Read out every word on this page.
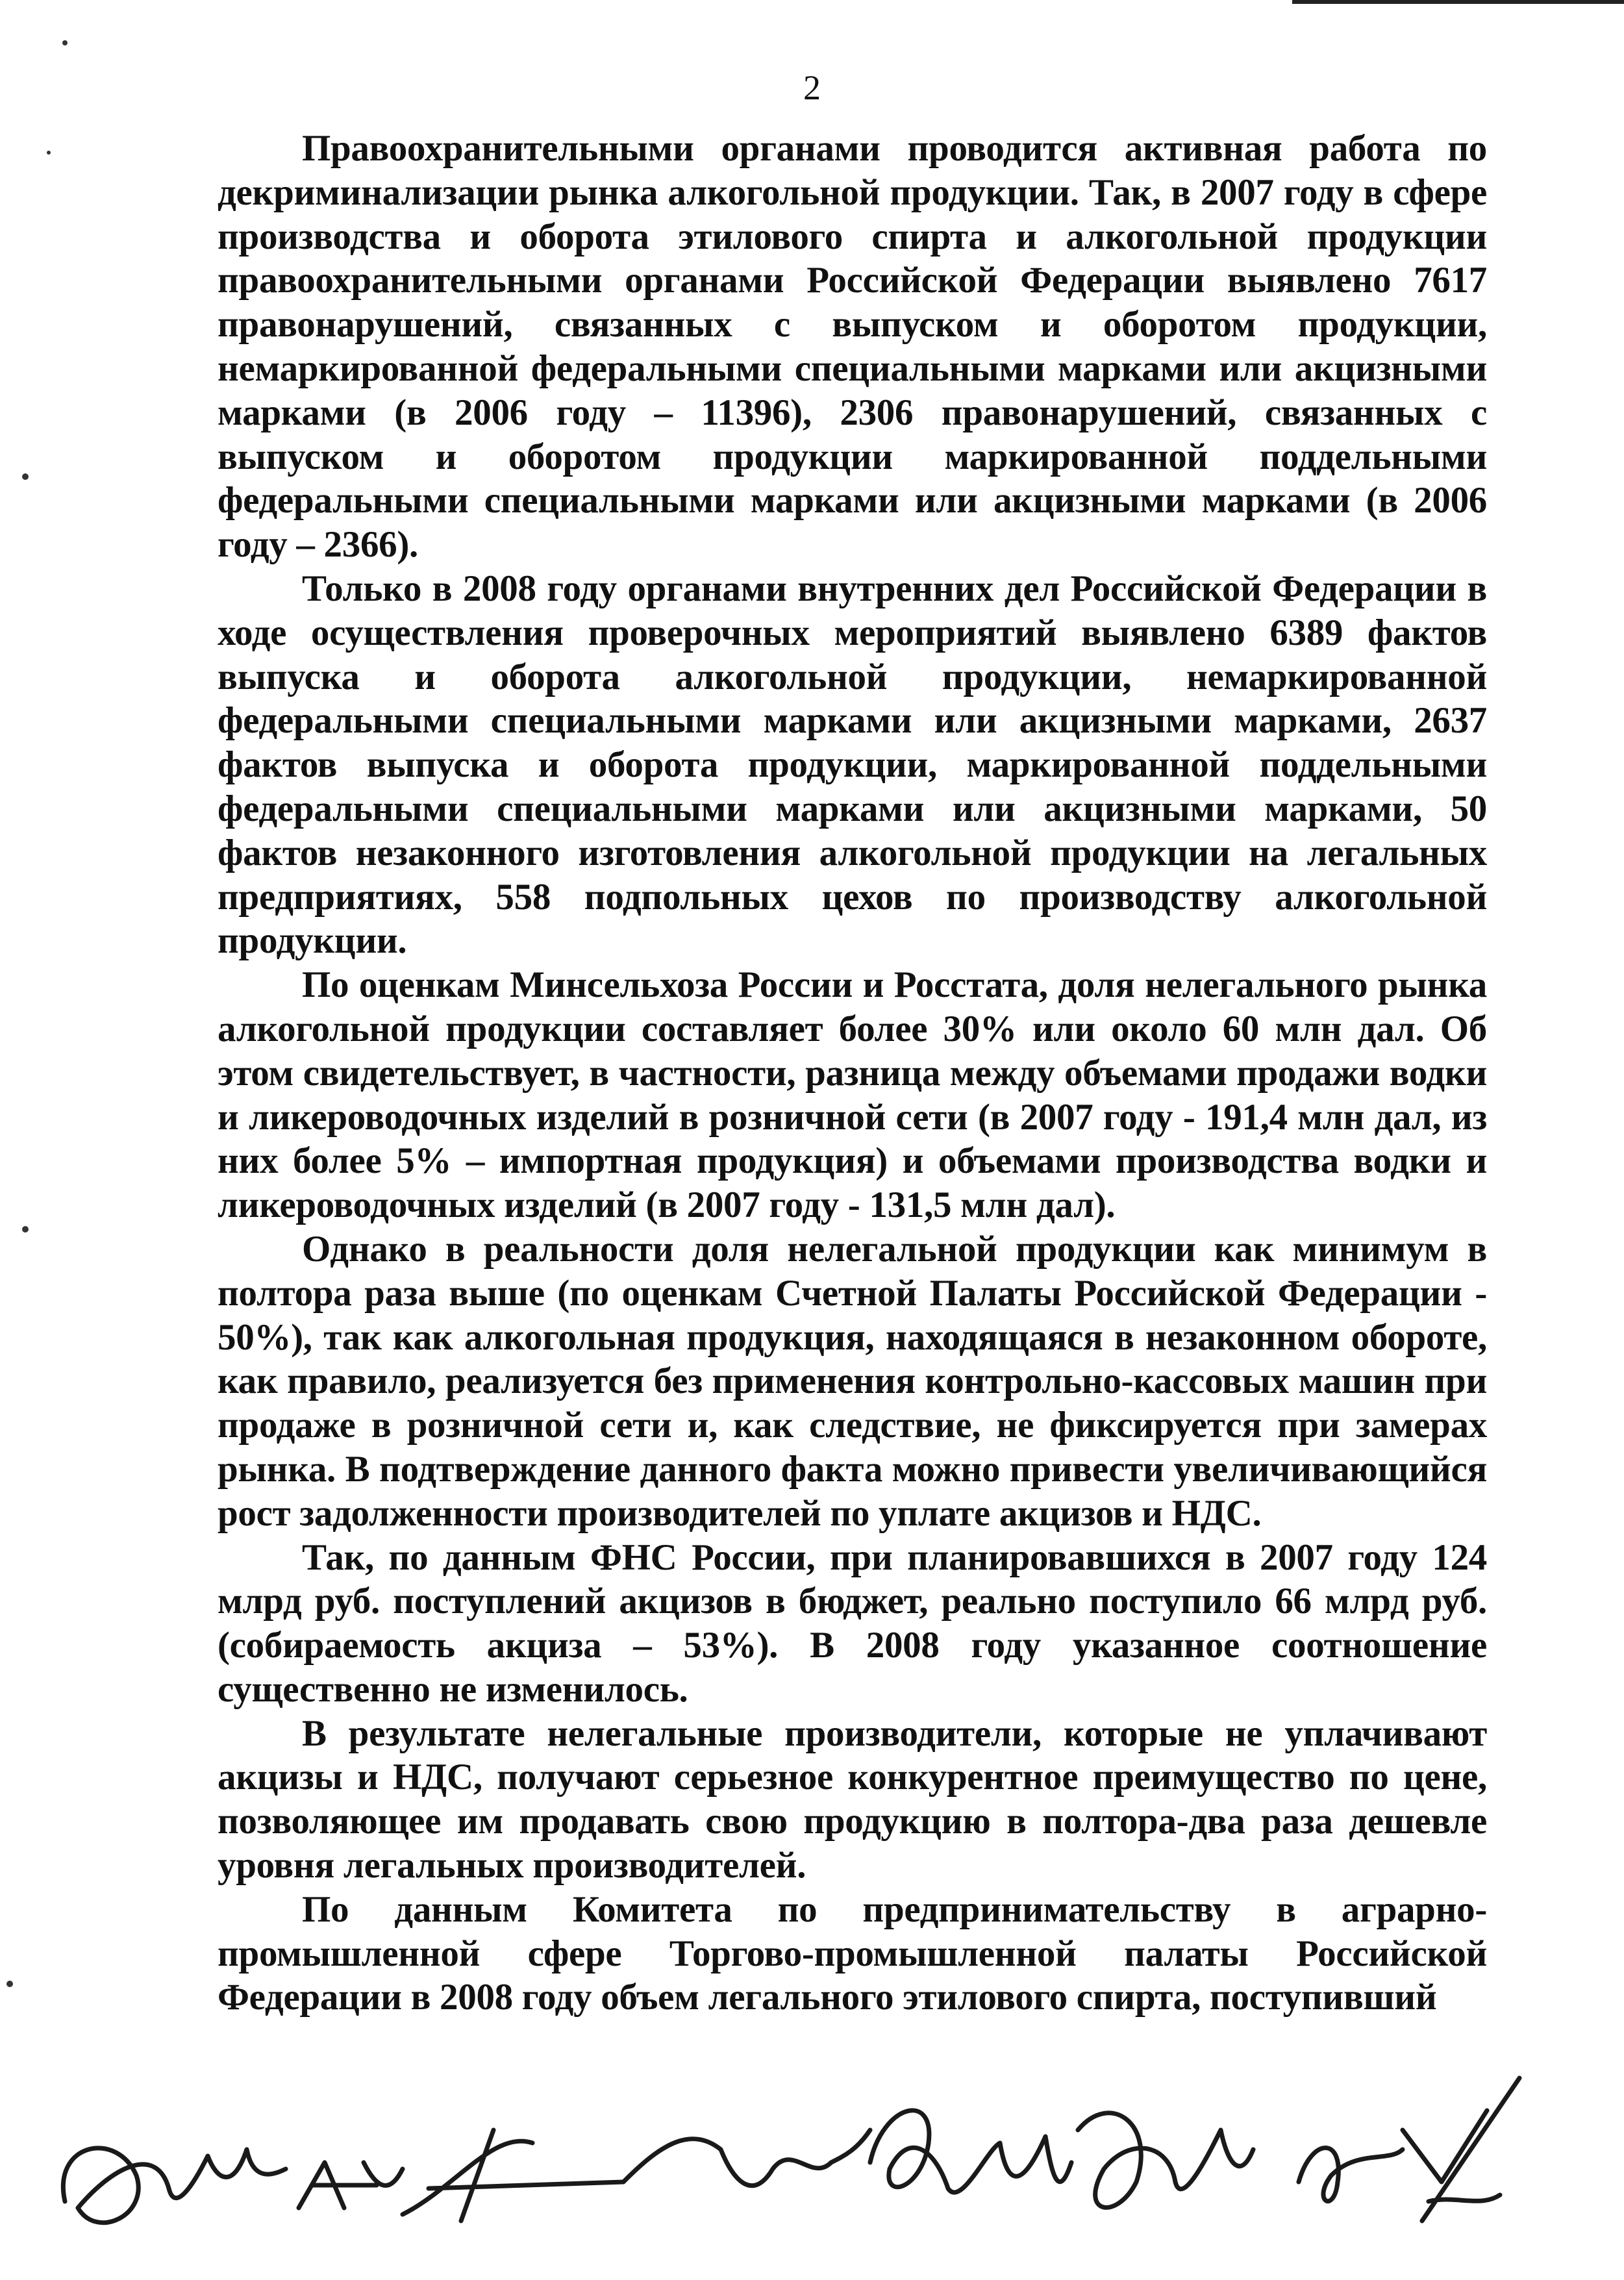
2

Правоохранительными органами проводится активная работа по декриминализации рынка алкогольной продукции. Так, в 2007 году в сфере производства и оборота этилового спирта и алкогольной продукции правоохранительными органами Российской Федерации выявлено 7617 правонарушений, связанных с выпуском и оборотом продукции, немаркированной федеральными специальными марками или акцизными марками (в 2006 году – 11396), 2306 правонарушений, связанных с выпуском и оборотом продукции маркированной поддельными федеральными специальными марками или акцизными марками (в 2006 году – 2366).

Только в 2008 году органами внутренних дел Российской Федерации в ходе осуществления проверочных мероприятий выявлено 6389 фактов выпуска и оборота алкогольной продукции, немаркированной федеральными специальными марками или акцизными марками, 2637 фактов выпуска и оборота продукции, маркированной поддельными федеральными специальными марками или акцизными марками, 50 фактов незаконного изготовления алкогольной продукции на легальных предприятиях, 558 подпольных цехов по производству алкогольной продукции.

По оценкам Минсельхоза России и Росстата, доля нелегального рынка алкогольной продукции составляет более 30% или около 60 млн дал. Об этом свидетельствует, в частности, разница между объемами продажи водки и ликероводочных изделий в розничной сети (в 2007 году - 191,4 млн дал, из них более 5% – импортная продукция) и объемами производства водки и ликероводочных изделий (в 2007 году - 131,5 млн дал).

Однако в реальности доля нелегальной продукции как минимум в полтора раза выше (по оценкам Счетной Палаты Российской Федерации - 50%), так как алкогольная продукция, находящаяся в незаконном обороте, как правило, реализуется без применения контрольно-кассовых машин при продаже в розничной сети и, как следствие, не фиксируется при замерах рынка. В подтверждение данного факта можно привести увеличивающийся рост задолженности производителей по уплате акцизов и НДС.

Так, по данным ФНС России, при планировавшихся в 2007 году 124 млрд руб. поступлений акцизов в бюджет, реально поступило 66 млрд руб. (собираемость акциза – 53%). В 2008 году указанное соотношение существенно не изменилось.

В результате нелегальные производители, которые не уплачивают акцизы и НДС, получают серьезное конкурентное преимущество по цене, позволяющее им продавать свою продукцию в полтора-два раза дешевле уровня легальных производителей.

По данным Комитета по предпринимательству в аграрно-промышленной сфере Торгово-промышленной палаты Российской Федерации в 2008 году объем легального этилового спирта, поступивший
